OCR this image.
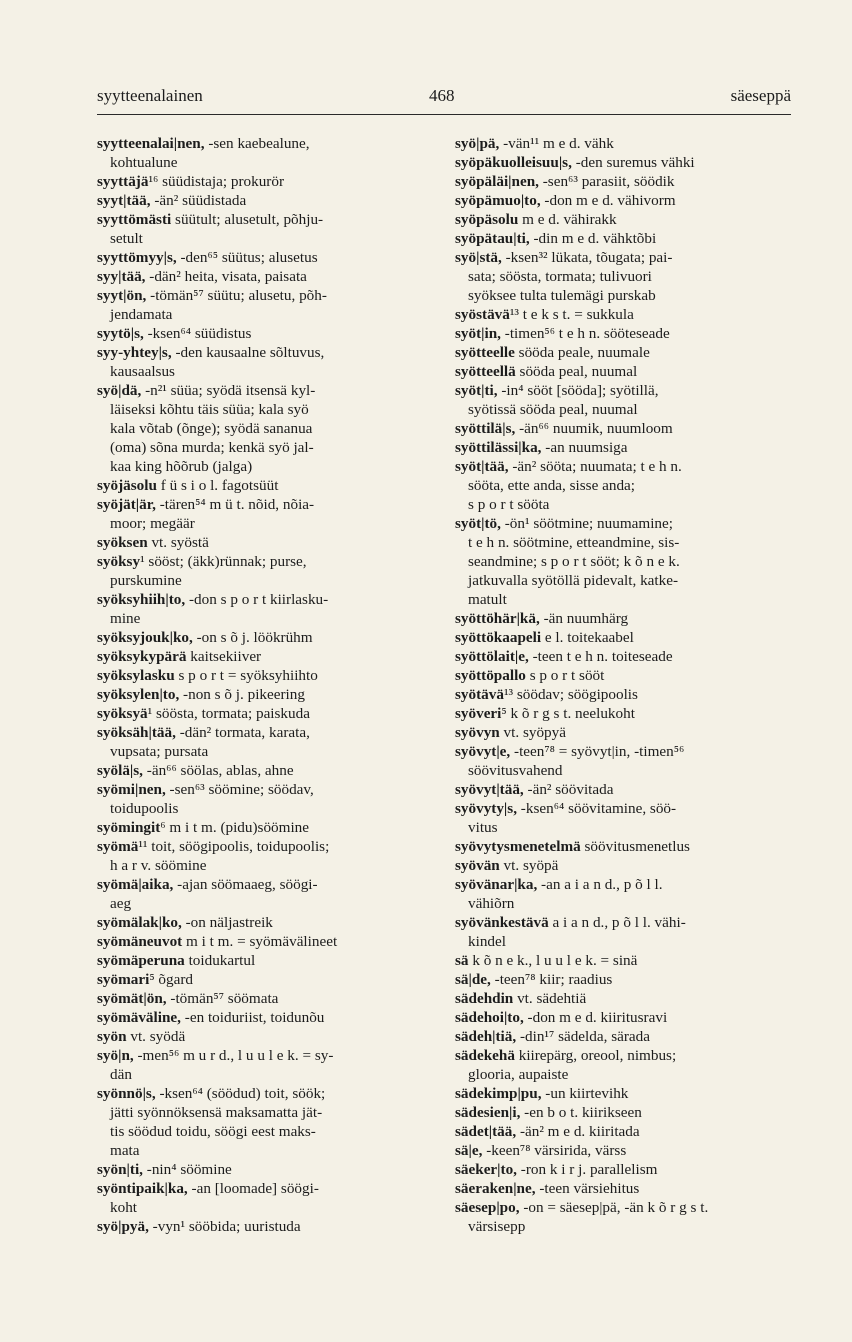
syytteenalainen	468	säeseppä
syytteenalai|nen, -sen kaebealune,
kohtualune
syyttäjä¹⁶ süüdistaja; prokurör
syyt|tää, -än² süüdistada
syyttömästi süütult; alusetult, põhju-
setult
syyttömyy|s, -den⁶⁵ süütus; alusetus
syy|tää, -dän² heita, visata, paisata
syyt|ön, -tömän⁵⁷ süütu; alusetu, põh-
jendamata
syytö|s, -ksen⁶⁴ süüdistus
syy-yhtey|s, -den kausaalne sõltuvus,
kausaalsus
syö|dä, -n²¹ süüa; syödä itsensä kyl-
läiseksi kõhtu täis süüa; kala syö
kala võtab (õnge); syödä sananua
(oma) sõna murda; kenkä syö jal-
kaa king hõõrub (jalga)
syöjäsolu f ü s i o l. fagotsüüt
syöjät|är, -tären⁵⁴ m ü t. nõid, nõia-
moor; megäär
syöksen vt. syöstä
syöksy¹ sööst; (äkk)rünnak; purse,
purskumine
syöksyhiih|to, -don s p o r t kiirlasku-
mine
syöksyjouk|ko, -on s õ j. löökrühm
syöksykypärä kaitsekiiver
syöksylasku s p o r t = syöksyhiihto
syöksylen|to, -non s õ j. pikeering
syöksyä¹ söösta, tormata; paiskuda
syöksäh|tää, -dän² tormata, karata,
vupsata; pursata
syölä|s, -än⁶⁶ söölas, ablas, ahne
syömi|nen, -sen⁶³ söömine; söödav,
toidupoolis
syömingit⁶ m i t m. (pidu)söömine
syömä¹¹ toit, söögipoolis, toidupoolis;
h a r v. söömine
syömä|aika, -ajan söömaaeg, söögi-
aeg
syömälak|ko, -on näljastreik
syömäneuvot m i t m. = syömävälineet
syömäperuna toidukartul
syömari⁵ õgard
syömät|ön, -tömän⁵⁷ söömata
syömäväline, -en toiduriist, toidunõu
syön vt. syödä
syö|n, -men⁵⁶ m u r d., l u u l e k. = sy-
dän
syönnö|s, -ksen⁶⁴ (söödud) toit, söök;
jätti syönnöksensä maksamatta jät-
tis söödud toidu, söögi eest maks-
mata
syön|ti, -nin⁴ söömine
syöntipaik|ka, -an [loomade] söögi-
koht
syö|pyä, -vyn¹ sööbida; uuristuda
syö|pä, -vän¹¹ m e d. vähk
syöpäkuolleisuu|s, -den suremus vähki
syöpäläi|nen, -sen⁶³ parasiit, söödik
syöpämuo|to, -don m e d. vähivorm
syöpäsolu m e d. vähirakk
syöpätau|ti, -din m e d. vähktõbi
syö|stä, -ksen³² lükata, tõugata; pai-
sata; söösta, tormata; tulivuori
syöksee tulta tulemägi purskab
syöstävä¹³ t e k s t. = sukkula
syöt|in, -timen⁵⁶ t e h n. sööteseade
syötteelle sööda peale, nuumale
syötteellä sööda peal, nuumal
syöt|ti, -in⁴ sööt [sööda]; syötillä,
syötissä sööda peal, nuumal
syöttilä|s, -än⁶⁶ nuumik, nuumloom
syöttilässi|ka, -an nuumsiga
syöt|tää, -än² sööta; nuumata; t e h n.
sööta, ette anda, sisse anda;
s p o r t sööta
syöt|tö, -ön¹ söötmine; nuumamine;
t e h n. söötmine, etteandmine, sis-
seandmine; s p o r t sööt; k õ n e k.
jatkuvalla syötöllä pidevalt, katke-
matult
syöttöhär|kä, -än nuumhärg
syöttökaapeli e l. toitekaabel
syöttölait|e, -teen t e h n. toiteseade
syöttöpallo s p o r t sööt
syötävä¹³ söödav; söögipoolis
syöveri⁵ k õ r g s t. neelukoht
syövyn vt. syöpyä
syövyt|e, -teen⁷⁸ = syövyt|in, -timen⁵⁶
söövitusvahend
syövyt|tää, -än² söövitada
syövyty|s, -ksen⁶⁴ söövitamine, söö-
vitus
syövytysmenetelmä söövitusmenetlus
syövän vt. syöpä
syövänar|ka, -an a i a n d., p õ l l.
vähiõrn
syövänkestävä a i a n d., p õ l l. vähi-
kindel
sä k õ n e k., l u u l e k. = sinä
sä|de, -teen⁷⁸ kiir; raadius
sädehdin vt. sädehtiä
sädehoi|to, -don m e d. kiiritusravi
sädeh|tiä, -din¹⁷ sädelda, särada
sädekehä kiirepärg, oreool, nimbus;
glooria, aupaiste
sädekimp|pu, -un kiirtevihk
sädesien|i, -en b o t. kiirikseen
sädet|tää, -än² m e d. kiiritada
sä|e, -keen⁷⁸ värsirida, värss
säeker|to, -ron k i r j. parallelism
säeraken|ne, -teen värsiehitus
säesep|po, -on = säesep|pä, -än k õ r g s t.
värsisepp
